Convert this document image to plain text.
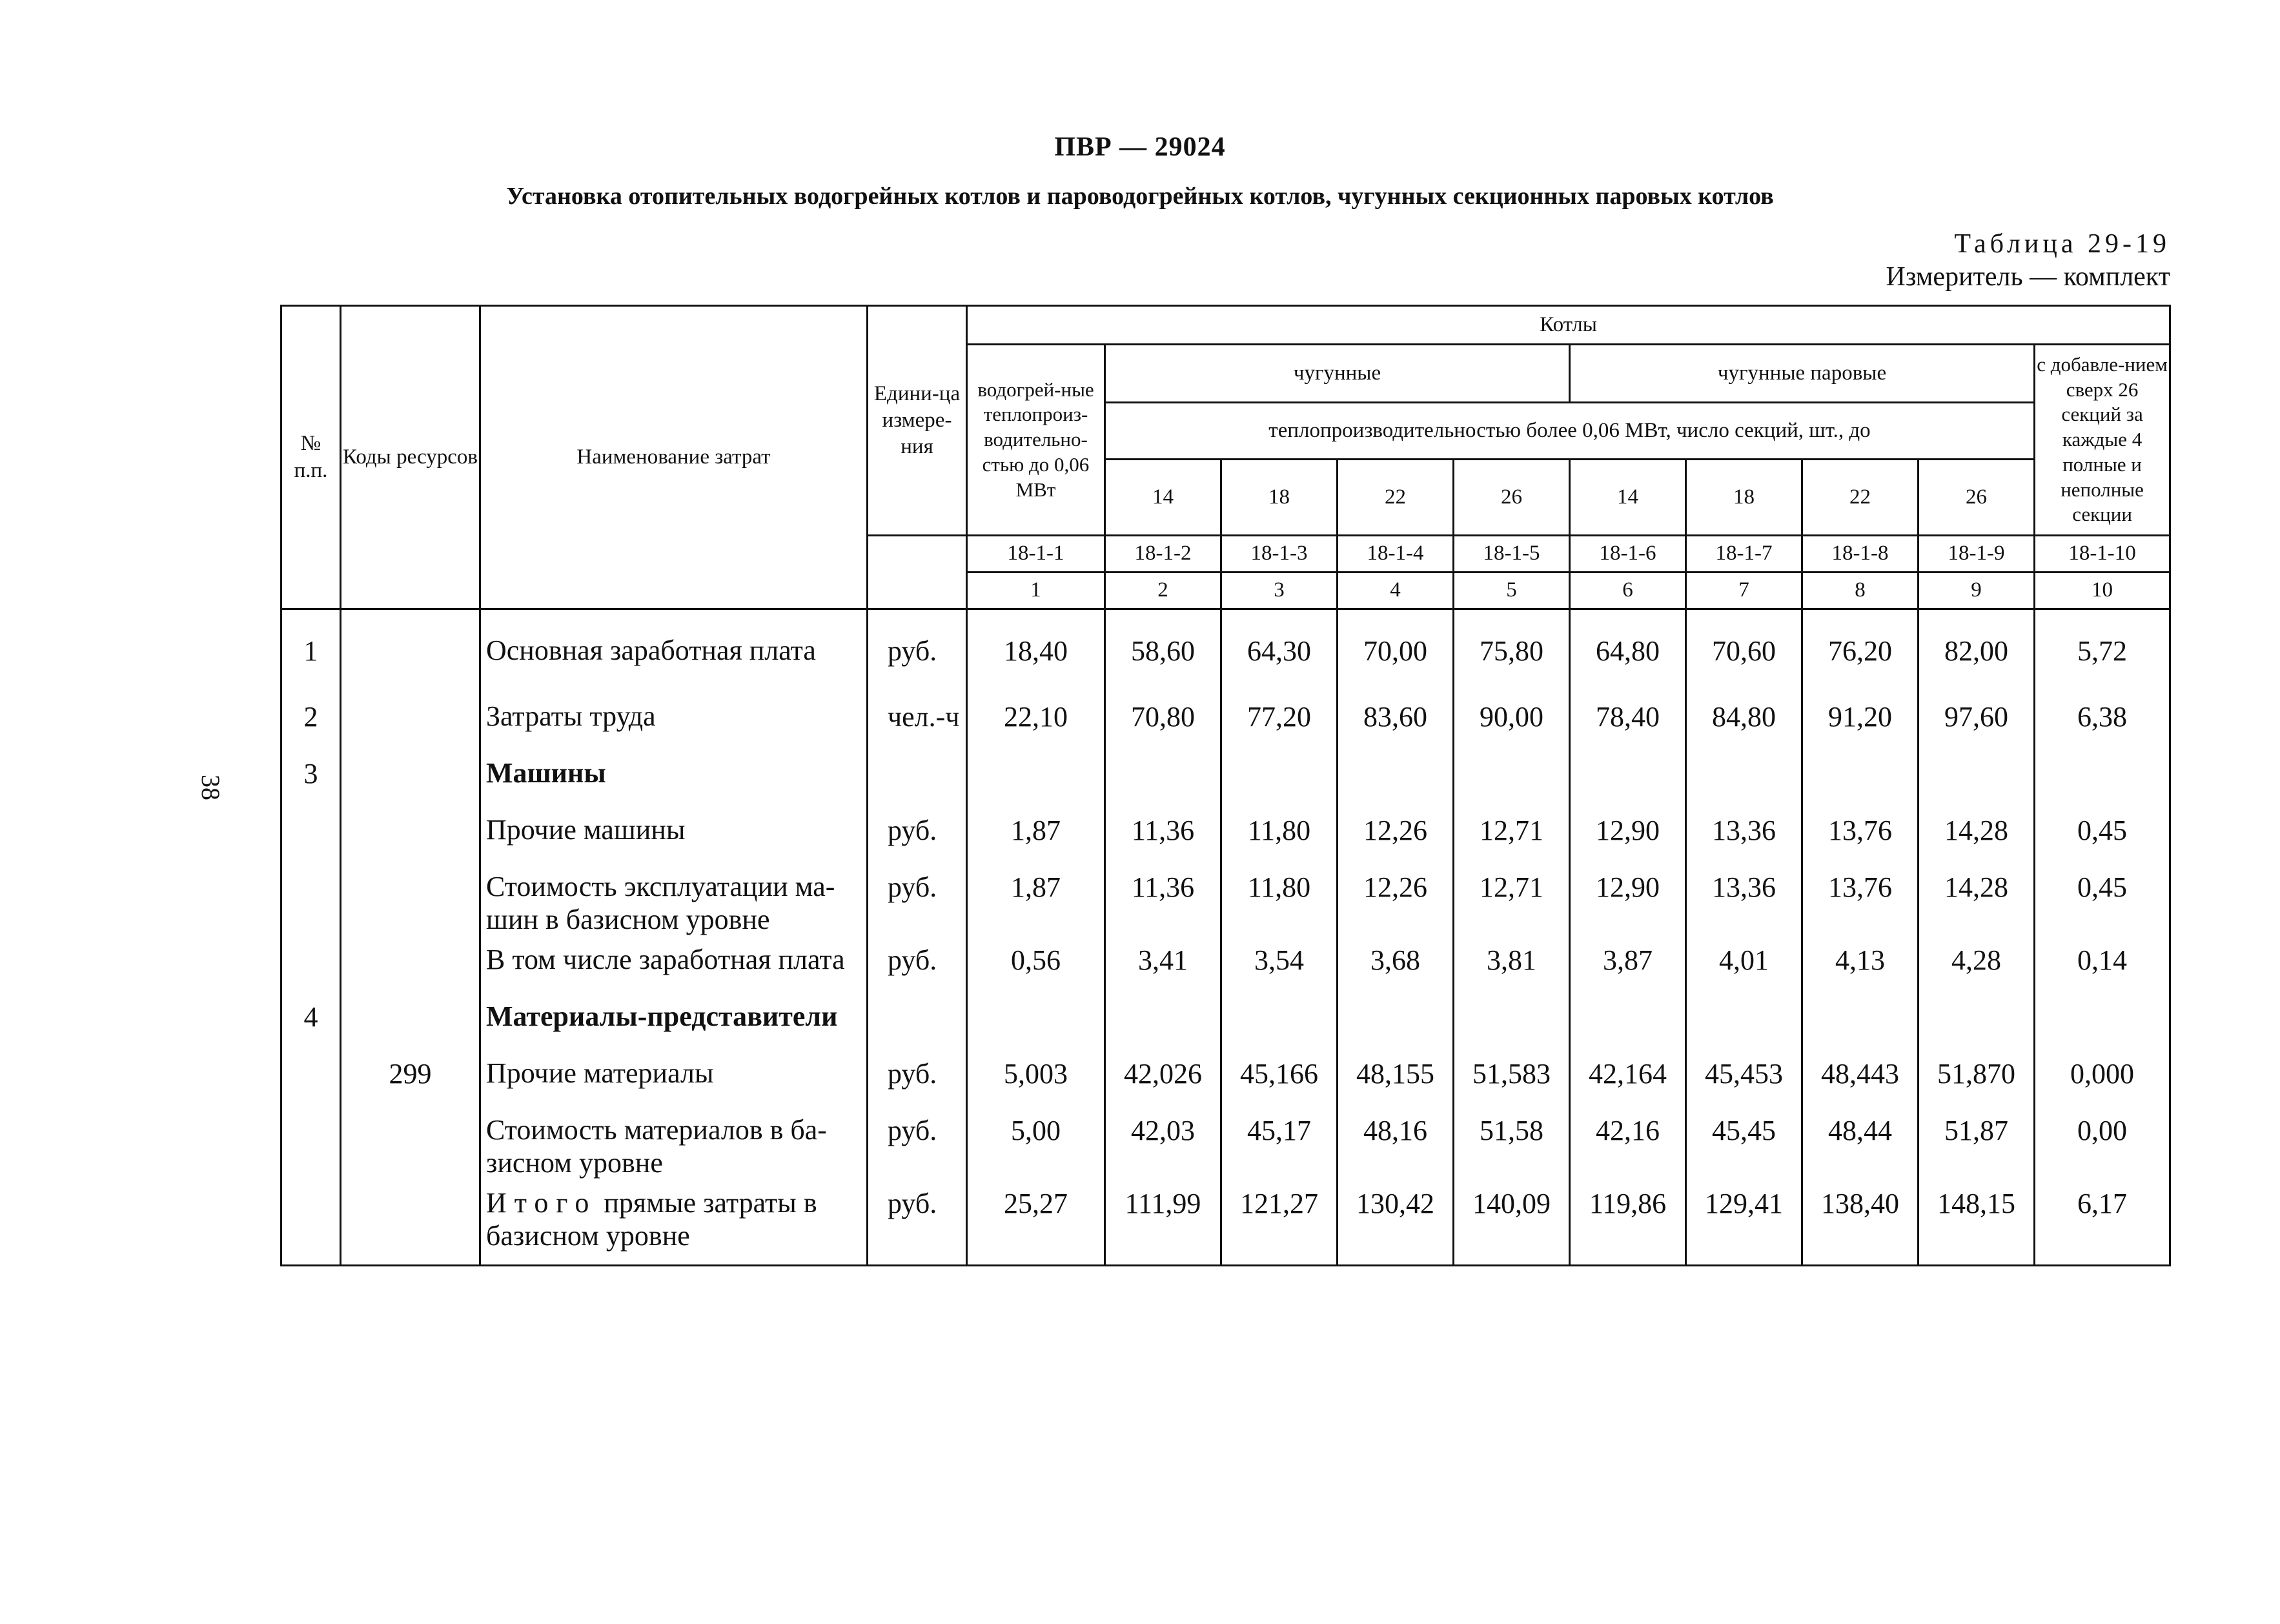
ПВР — 29024
Установка отопительных водогрейных котлов и пароводогрейных котлов, чугунных секционных паровых котлов
Таблица 29-19
Измеритель — комплект
38
№ п.п.	Коды ресурсов	Наименование затрат	Едини-ца измере-ния	Котлы									
				водогрей-ные теплопроиз-водительно-стью до 0,06 МВт	чугунные				чугунные паровые				с добавле-нием сверх 26 секций за каждые 4 полные и неполные секции
					теплопроизводительностью более 0,06 МВт, число секций, шт., до								
					14	18	22	26	14	18	22	26	
				18-1-1	18-1-2	18-1-3	18-1-4	18-1-5	18-1-6	18-1-7	18-1-8	18-1-9	18-1-10
				1	2	3	4	5	6	7	8	9	10
1		Основная заработная плата	руб.	18,40	58,60	64,30	70,00	75,80	64,80	70,60	76,20	82,00	5,72
2		Затраты труда	чел.-ч	22,10	70,80	77,20	83,60	90,00	78,40	84,80	91,20	97,60	6,38
3		Машины											
		Прочие машины	руб.	1,87	11,36	11,80	12,26	12,71	12,90	13,36	13,76	14,28	0,45
		Стоимость эксплуатации ма-шин в базисном уровне	руб.	1,87	11,36	11,80	12,26	12,71	12,90	13,36	13,76	14,28	0,45
		В том числе заработная плата	руб.	0,56	3,41	3,54	3,68	3,81	3,87	4,01	4,13	4,28	0,14
4		Материалы-представители											
	299	Прочие материалы	руб.	5,003	42,026	45,166	48,155	51,583	42,164	45,453	48,443	51,870	0,000
		Стоимость материалов в ба-зисном уровне	руб.	5,00	42,03	45,17	48,16	51,58	42,16	45,45	48,44	51,87	0,00
		Итого прямые затраты в базисном уровне	руб.	25,27	111,99	121,27	130,42	140,09	119,86	129,41	138,40	148,15	6,17
